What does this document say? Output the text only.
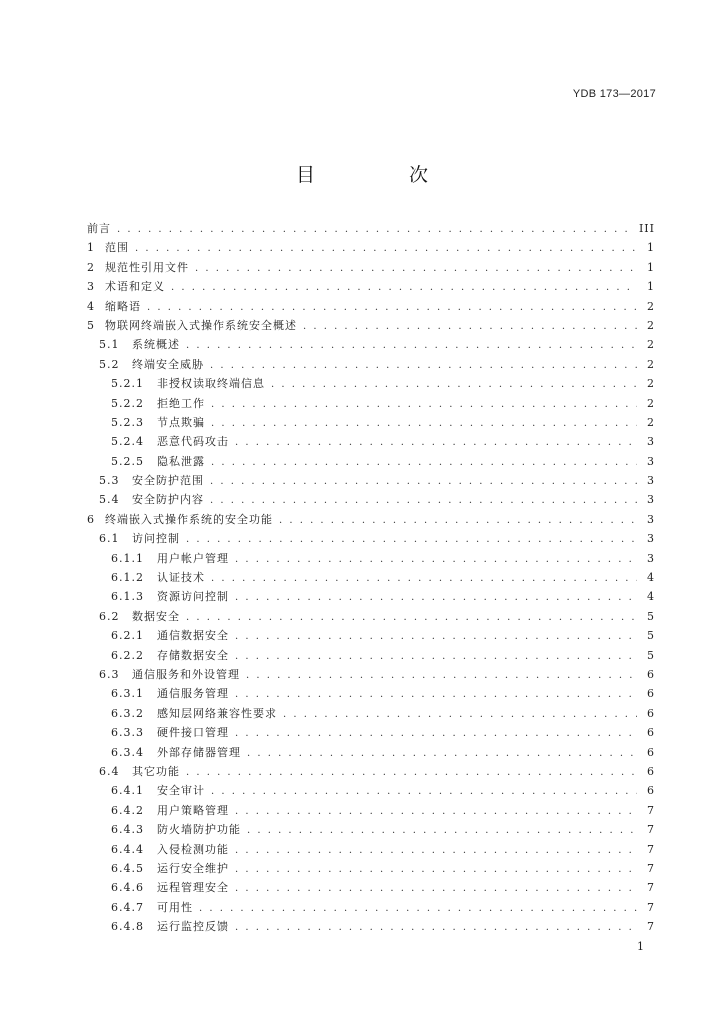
YDB 173—2017
目 次
前言 . . .	III
1 范围 . . .	1
2 规范性引用文件 . . .	1
3 术语和定义 . . .	1
4 缩略语 . . .	2
5 物联网终端嵌入式操作系统安全概述 . . .	2
5.1	系统概述 . . .	2
5.2	终端安全威胁 . . .	2
5.2.1	非授权读取终端信息 . . .	2
5.2.2	拒绝工作 . . .	2
5.2.3	节点欺骗 . . .	2
5.2.4	恶意代码攻击 . . .	3
5.2.5	隐私泄露 . . .	3
5.3	安全防护范围 . . .	3
5.4	安全防护内容 . . .	3
6 终端嵌入式操作系统的安全功能 . . .	3
6.1	访问控制 . . .	3
6.1.1	用户帐户管理 . . .	3
6.1.2	认证技术 . . .	4
6.1.3	资源访问控制 . . .	4
6.2	数据安全 . . .	5
6.2.1	通信数据安全 . . .	5
6.2.2	存储数据安全 . . .	5
6.3	通信服务和外设管理 . . .	6
6.3.1	通信服务管理 . . .	6
6.3.2	感知层网络兼容性要求 . . .	6
6.3.3	硬件接口管理 . . .	6
6.3.4	外部存储器管理 . . .	6
6.4	其它功能 . . .	6
6.4.1	安全审计 . . .	6
6.4.2	用户策略管理 . . .	7
6.4.3	防火墙防护功能 . . .	7
6.4.4	入侵检测功能 . . .	7
6.4.5	运行安全维护 . . .	7
6.4.6	远程管理安全 . . .	7
6.4.7	可用性 . . .	7
6.4.8	运行监控反馈 . . .	7
1
